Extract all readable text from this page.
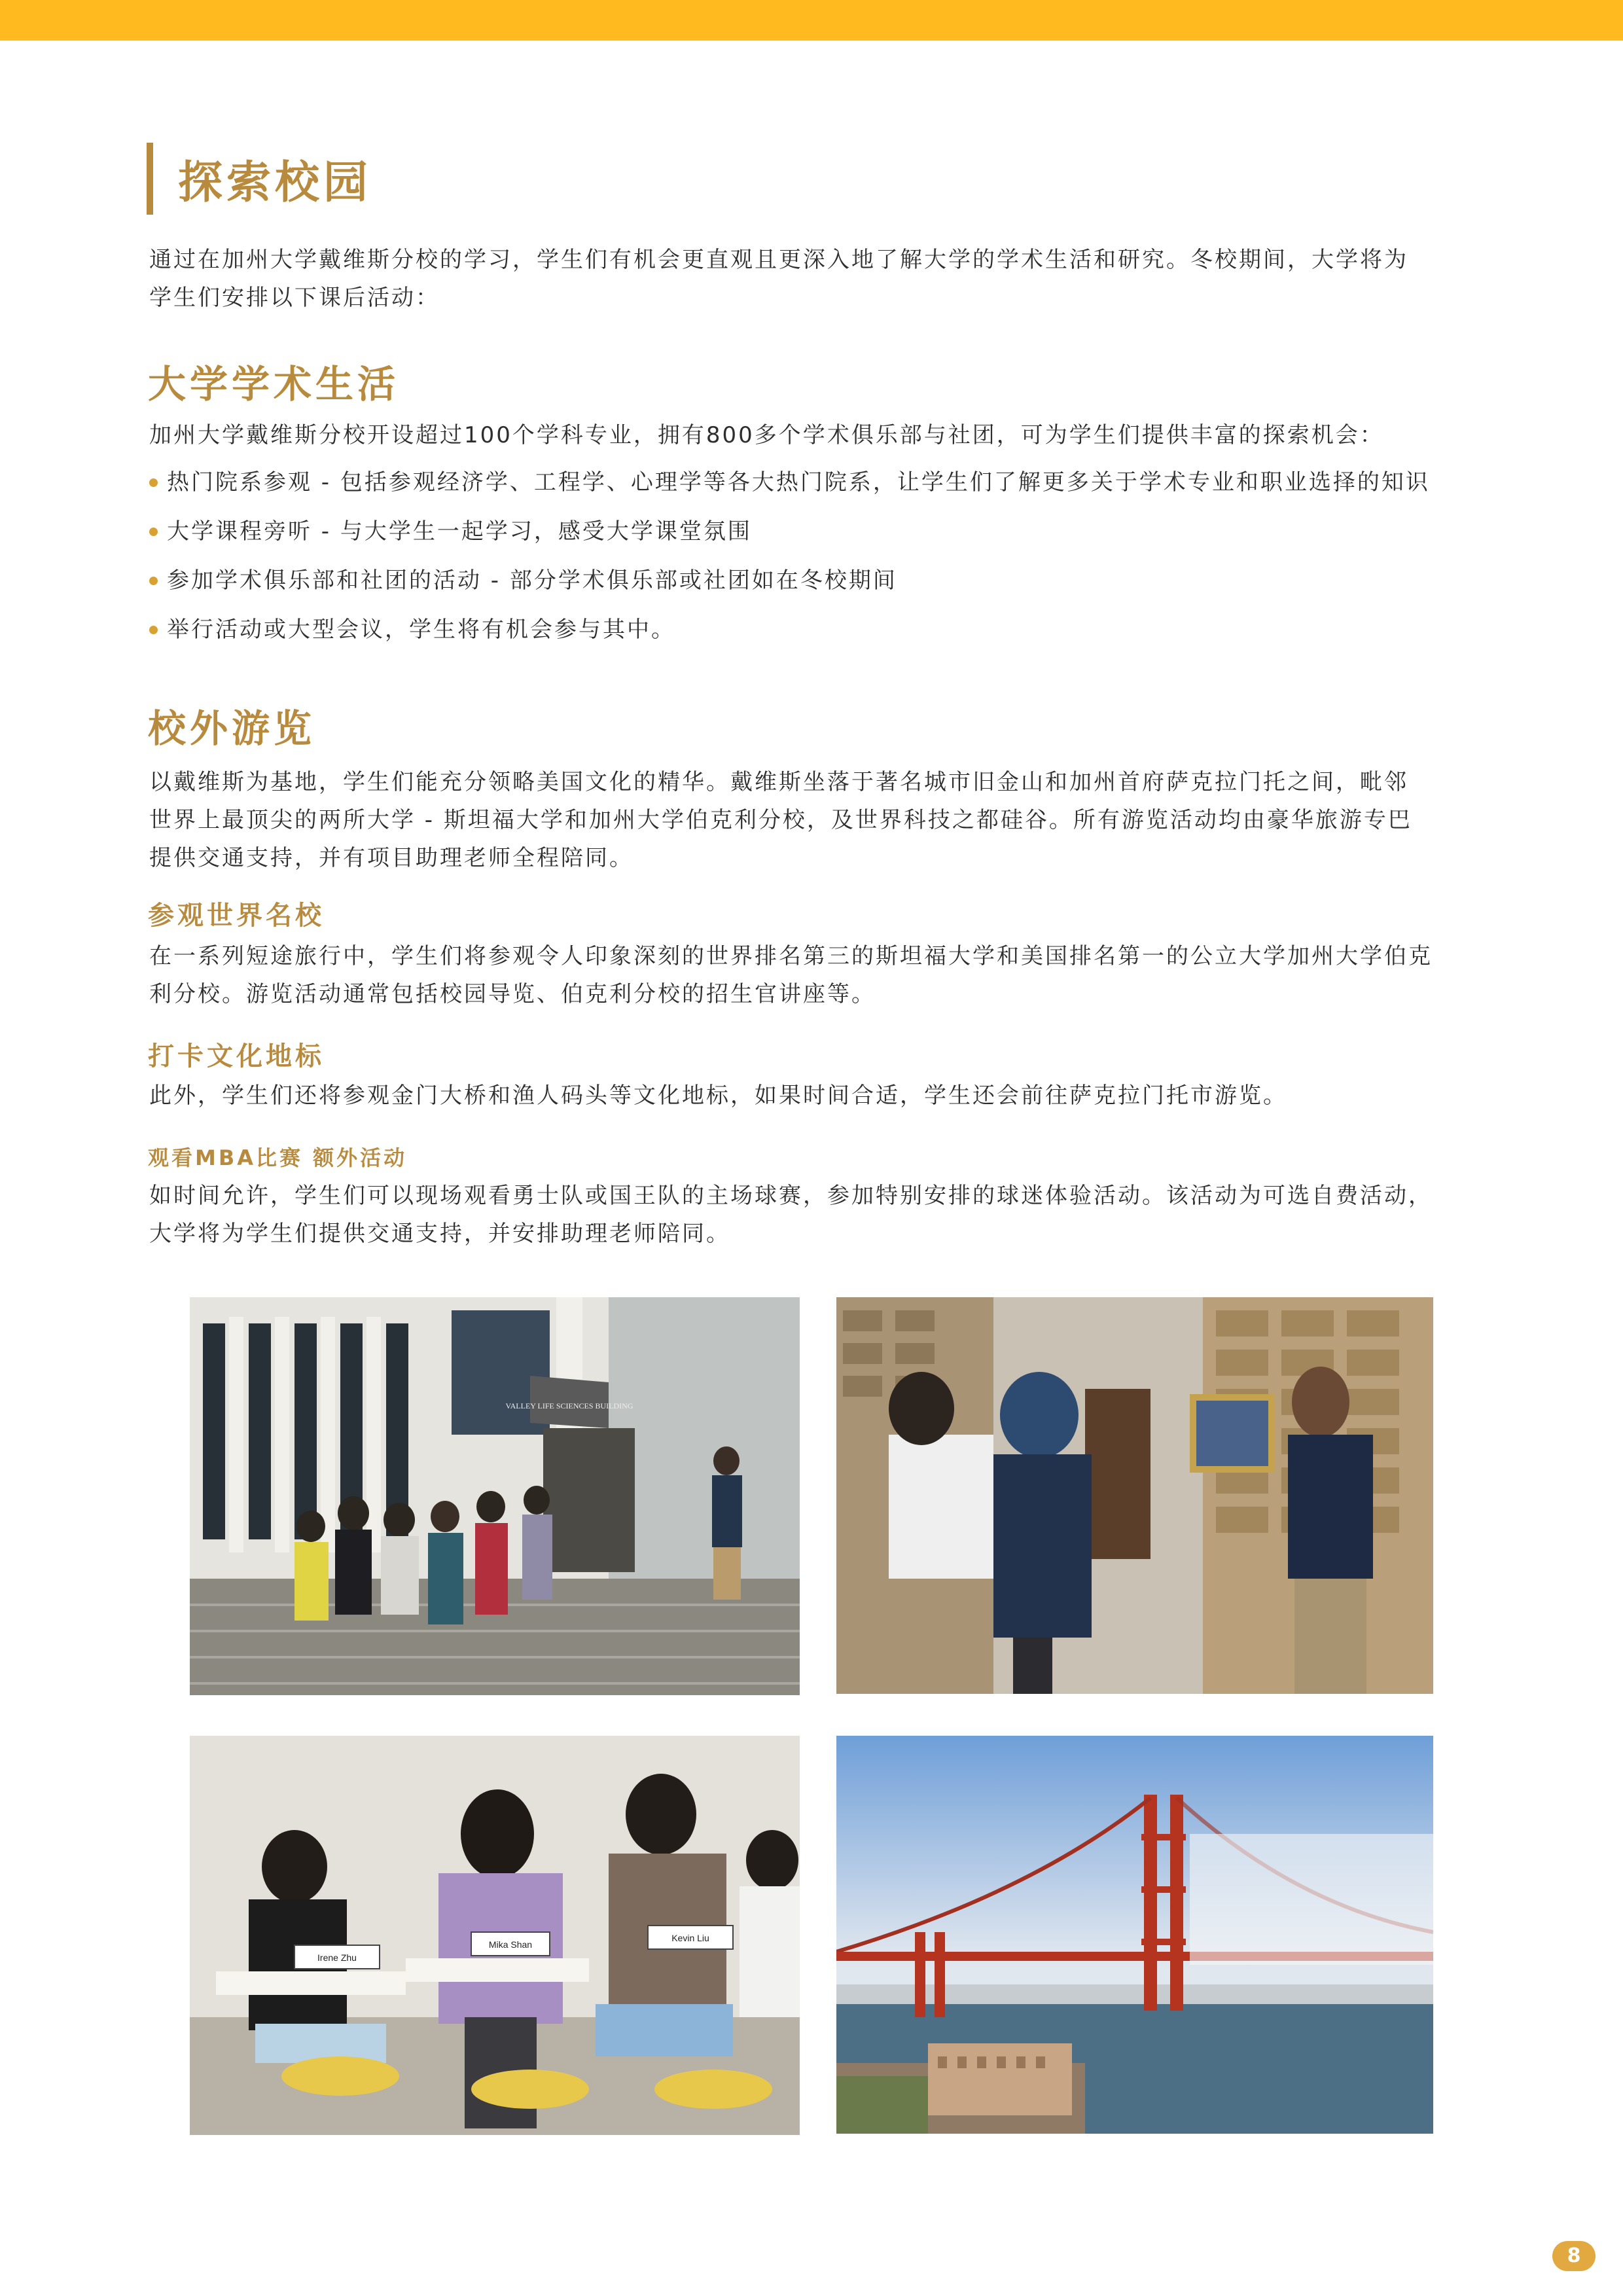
探索校园

通过在加州大学戴维斯分校的学习，学生们有机会更直观且更深入地了解大学的学术生活和研究。冬校期间，大学将为

学生们安排以下课后活动：

大学学术生活

加州大学戴维斯分校开设超过100个学科专业，拥有800多个学术俱乐部与社团，可为学生们提供丰富的探索机会：

热门院系参观 - 包括参观经济学、工程学、心理学等各大热门院系，让学生们了解更多关于学术专业和职业选择的知识
大学课程旁听 - 与大学生一起学习，感受大学课堂氛围
参加学术俱乐部和社团的活动 - 部分学术俱乐部或社团如在冬校期间
举行活动或大型会议，学生将有机会参与其中。
校外游览

以戴维斯为基地，学生们能充分领略美国文化的精华。戴维斯坐落于著名城市旧金山和加州首府萨克拉门托之间，毗邻

世界上最顶尖的两所大学 - 斯坦福大学和加州大学伯克利分校，及世界科技之都硅谷。所有游览活动均由豪华旅游专巴

提供交通支持，并有项目助理老师全程陪同。

参观世界名校

在一系列短途旅行中，学生们将参观令人印象深刻的世界排名第三的斯坦福大学和美国排名第一的公立大学加州大学伯克

利分校。游览活动通常包括校园导览、伯克利分校的招生官讲座等。

打卡文化地标

此外，学生们还将参观金门大桥和渔人码头等文化地标，如果时间合适，学生还会前往萨克拉门托市游览。

观看MBA比赛 额外活动

如时间允许，学生们可以现场观看勇士队或国王队的主场球赛，参加特别安排的球迷体验活动。该活动为可选自费活动，

大学将为学生们提供交通支持，并安排助理老师陪同。

VALLEY LIFE SCIENCES BUILDING
Irene Zhu
Mika Shan
Kevin Liu
8
